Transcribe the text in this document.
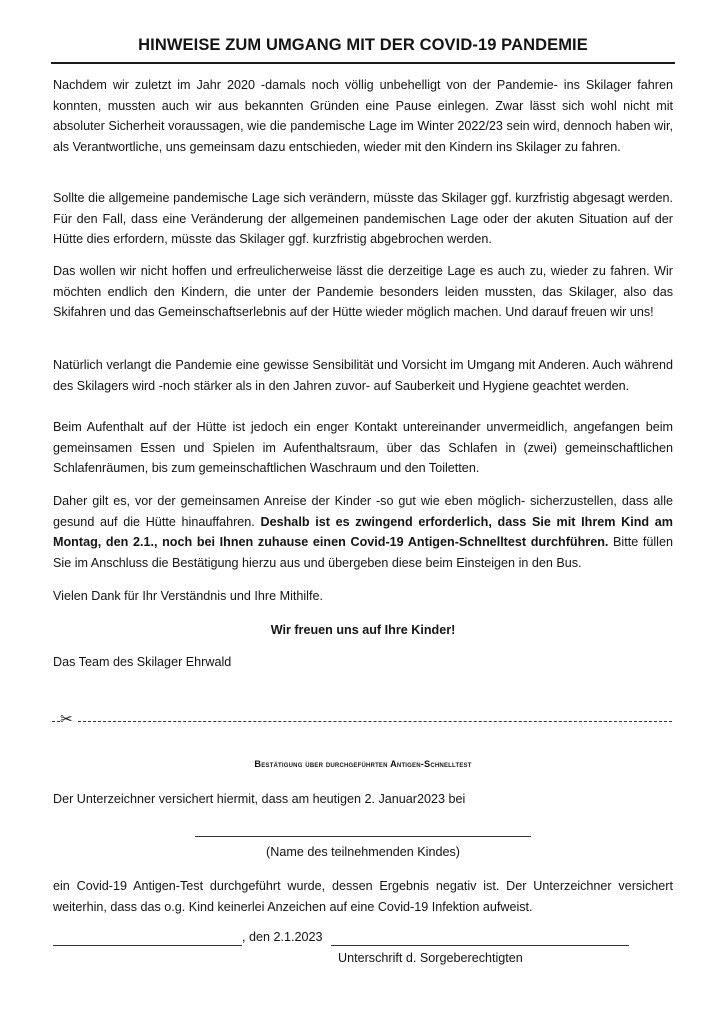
HINWEISE ZUM UMGANG MIT DER COVID-19 PANDEMIE
Nachdem wir zuletzt im Jahr 2020 -damals noch völlig unbehelligt von der Pandemie- ins Skilager fahren konnten, mussten auch wir aus bekannten Gründen eine Pause einlegen. Zwar lässt sich wohl nicht mit absoluter Sicherheit voraussagen, wie die pandemische Lage im Winter 2022/23 sein wird, dennoch haben wir, als Verantwortliche, uns gemeinsam dazu entschieden, wieder mit den Kindern ins Skilager zu fahren.
Sollte die allgemeine pandemische Lage sich verändern, müsste das Skilager ggf. kurzfristig abgesagt werden. Für den Fall, dass eine Veränderung der allgemeinen pandemischen Lage oder der akuten Situation auf der Hütte dies erfordern, müsste das Skilager ggf. kurzfristig abgebrochen werden.
Das wollen wir nicht hoffen und erfreulicherweise lässt die derzeitige Lage es auch zu, wieder zu fahren. Wir möchten endlich den Kindern, die unter der Pandemie besonders leiden mussten, das Skilager, also das Skifahren und das Gemeinschaftserlebnis auf der Hütte wieder möglich machen. Und darauf freuen wir uns!
Natürlich verlangt die Pandemie eine gewisse Sensibilität und Vorsicht im Umgang mit Anderen. Auch während des Skilagers wird -noch stärker als in den Jahren zuvor- auf Sauberkeit und Hygiene geachtet werden.
Beim Aufenthalt auf der Hütte ist jedoch ein enger Kontakt untereinander unvermeidlich, angefangen beim gemeinsamen Essen und Spielen im Aufenthaltsraum, über das Schlafen in (zwei) gemeinschaftlichen Schlafenräumen, bis zum gemeinschaftlichen Waschraum und den Toiletten.
Daher gilt es, vor der gemeinsamen Anreise der Kinder -so gut wie eben möglich- sicherzustellen, dass alle gesund auf die Hütte hinauffahren. Deshalb ist es zwingend erforderlich, dass Sie mit Ihrem Kind am Montag, den 2.1., noch bei Ihnen zuhause einen Covid-19 Antigen-Schnelltest durchführen. Bitte füllen Sie im Anschluss die Bestätigung hierzu aus und übergeben diese beim Einsteigen in den Bus.
Vielen Dank für Ihr Verständnis und Ihre Mithilfe.
Wir freuen uns auf Ihre Kinder!
Das Team des Skilager Ehrwald
✂
Bestätigung über durchgeführten Antigen-Schnelltest
Der Unterzeichner versichert hiermit, dass am heutigen 2. Januar2023 bei
(Name des teilnehmenden Kindes)
ein Covid-19 Antigen-Test durchgeführt wurde, dessen Ergebnis negativ ist. Der Unterzeichner versichert weiterhin, dass das o.g. Kind keinerlei Anzeichen auf eine Covid-19 Infektion aufweist.
, den 2.1.2023
Unterschrift d. Sorgeberechtigten
